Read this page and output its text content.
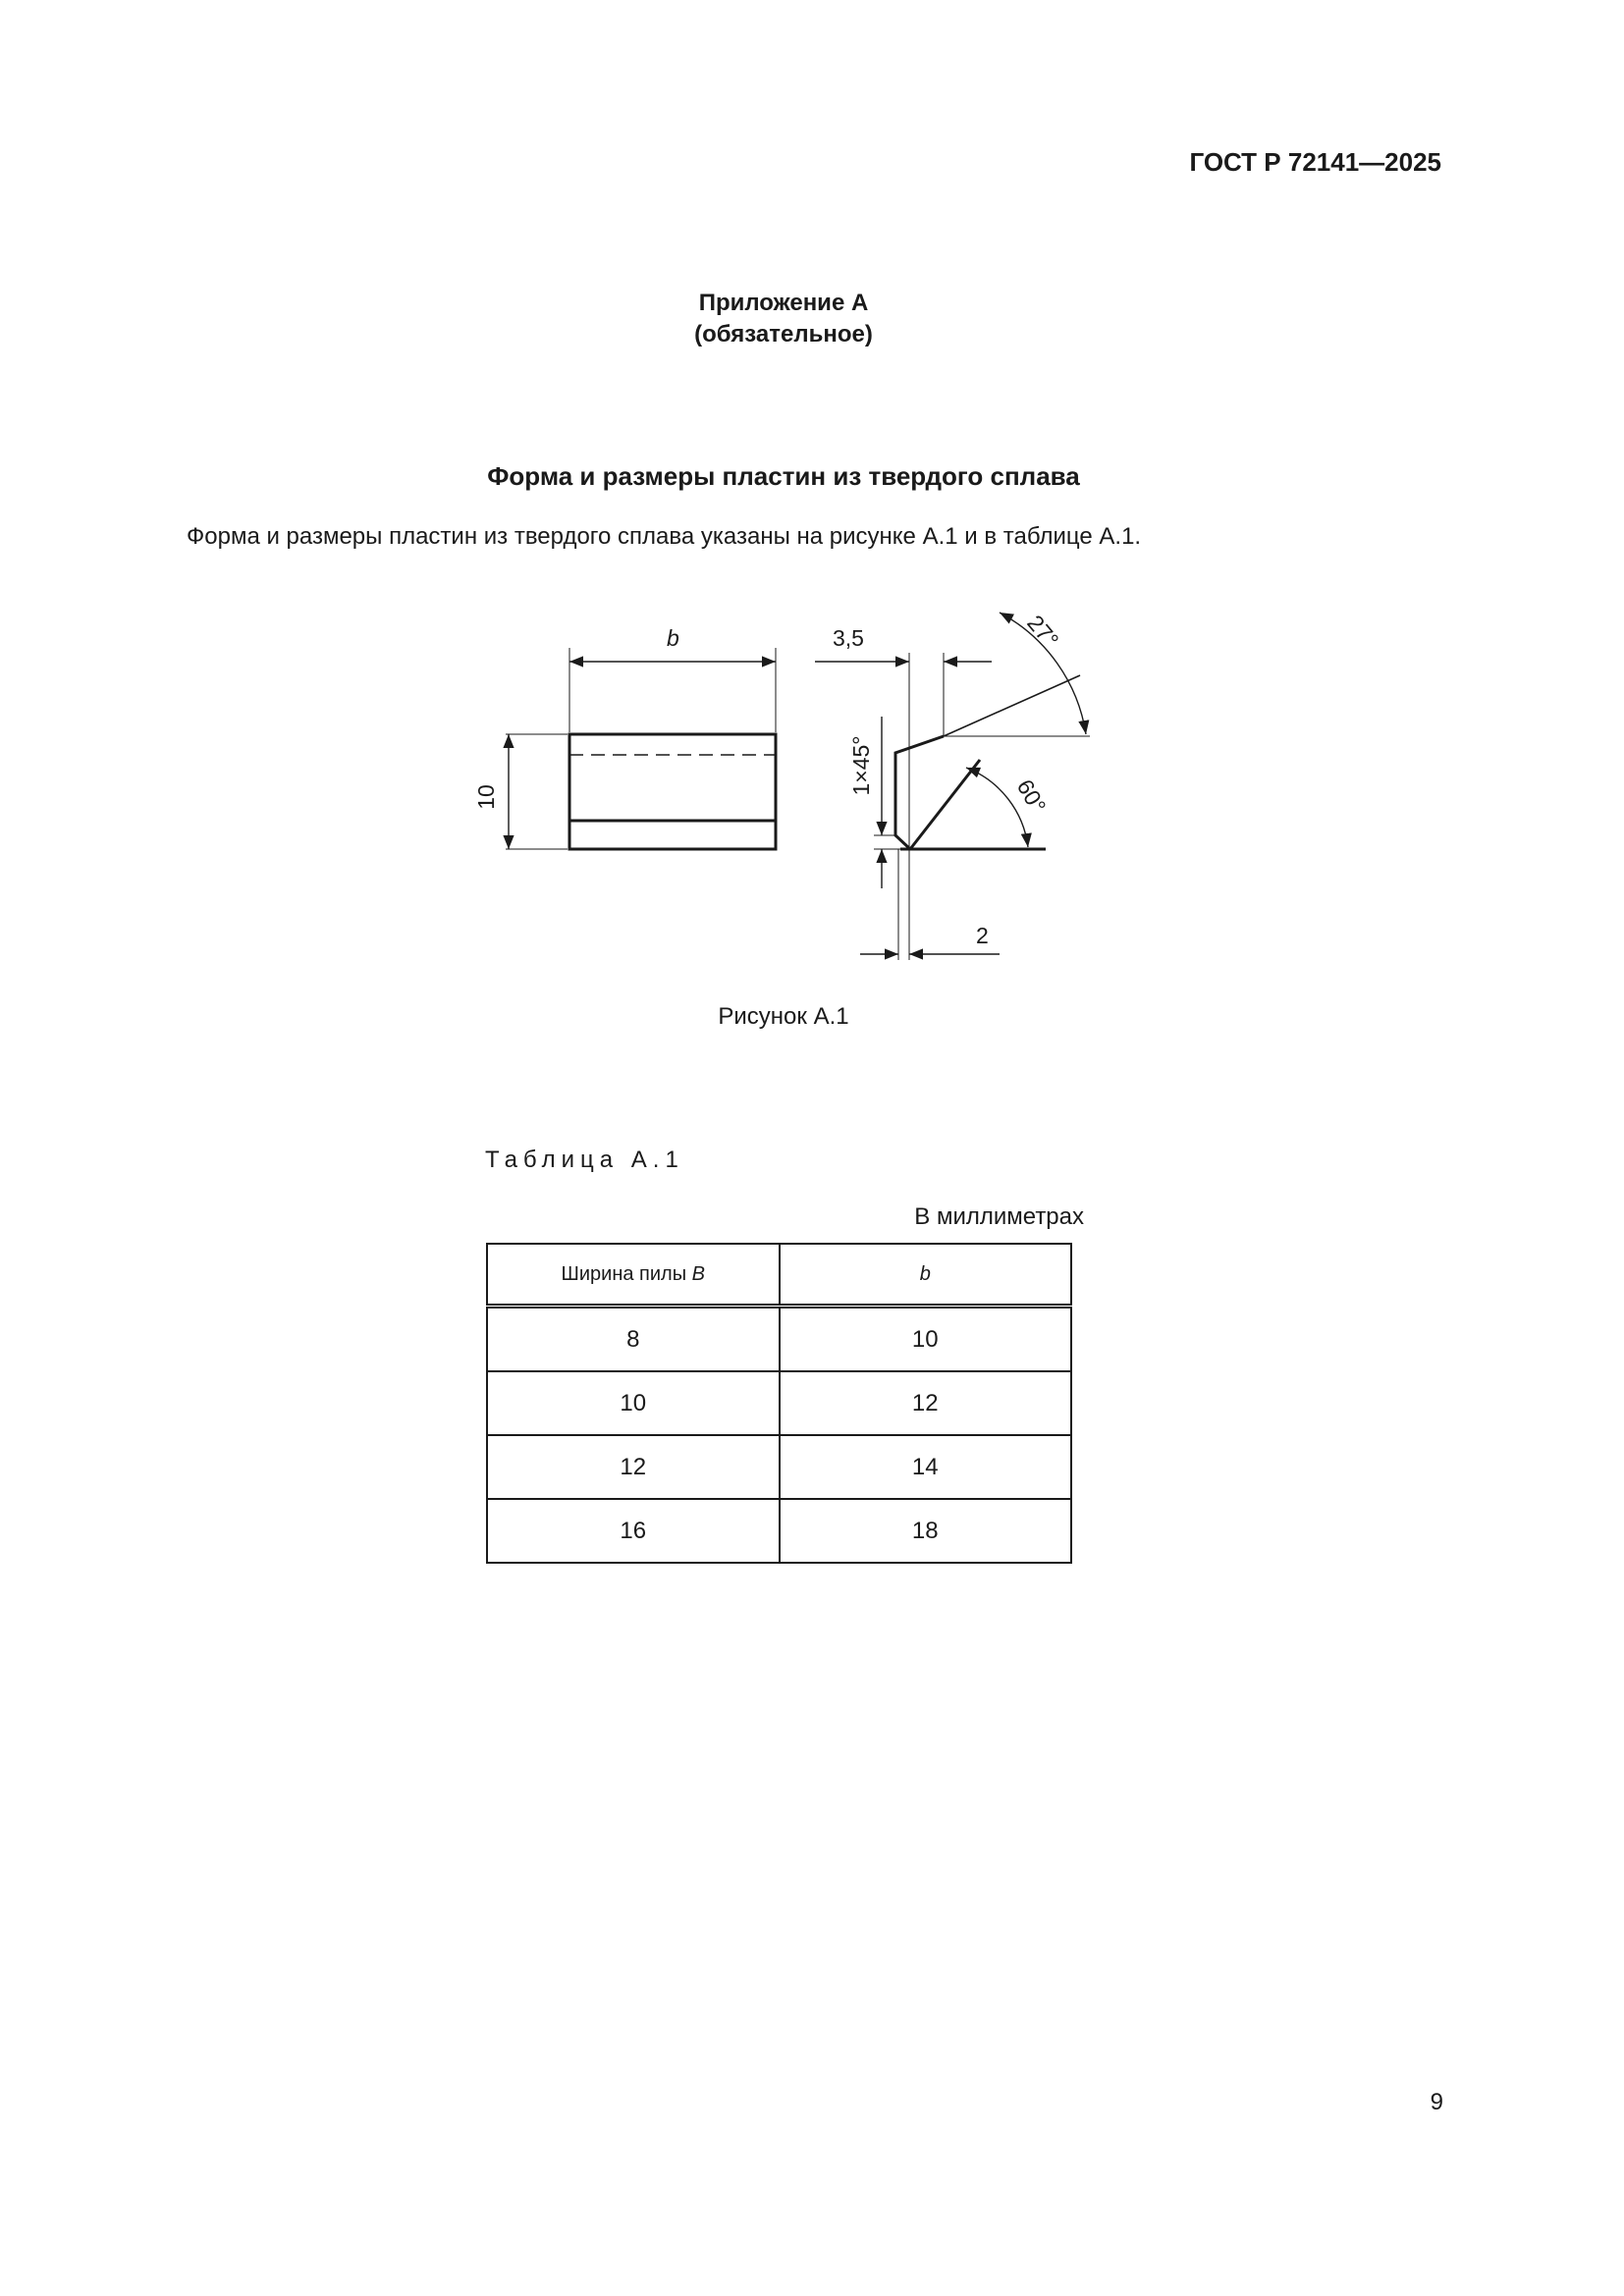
ГОСТ Р 72141—2025
Приложение А
(обязательное)
Форма и размеры пластин из твердого сплава
Форма и размеры пластин из твердого сплава указаны на рисунке А.1 и в таблице А.1.
b
10
3,5
1×45°
27°
60°
2
Рисунок А.1
Таблица А.1
В миллиметрах
Ширина пилы B	b
8	10
10	12
12	14
16	18
9
